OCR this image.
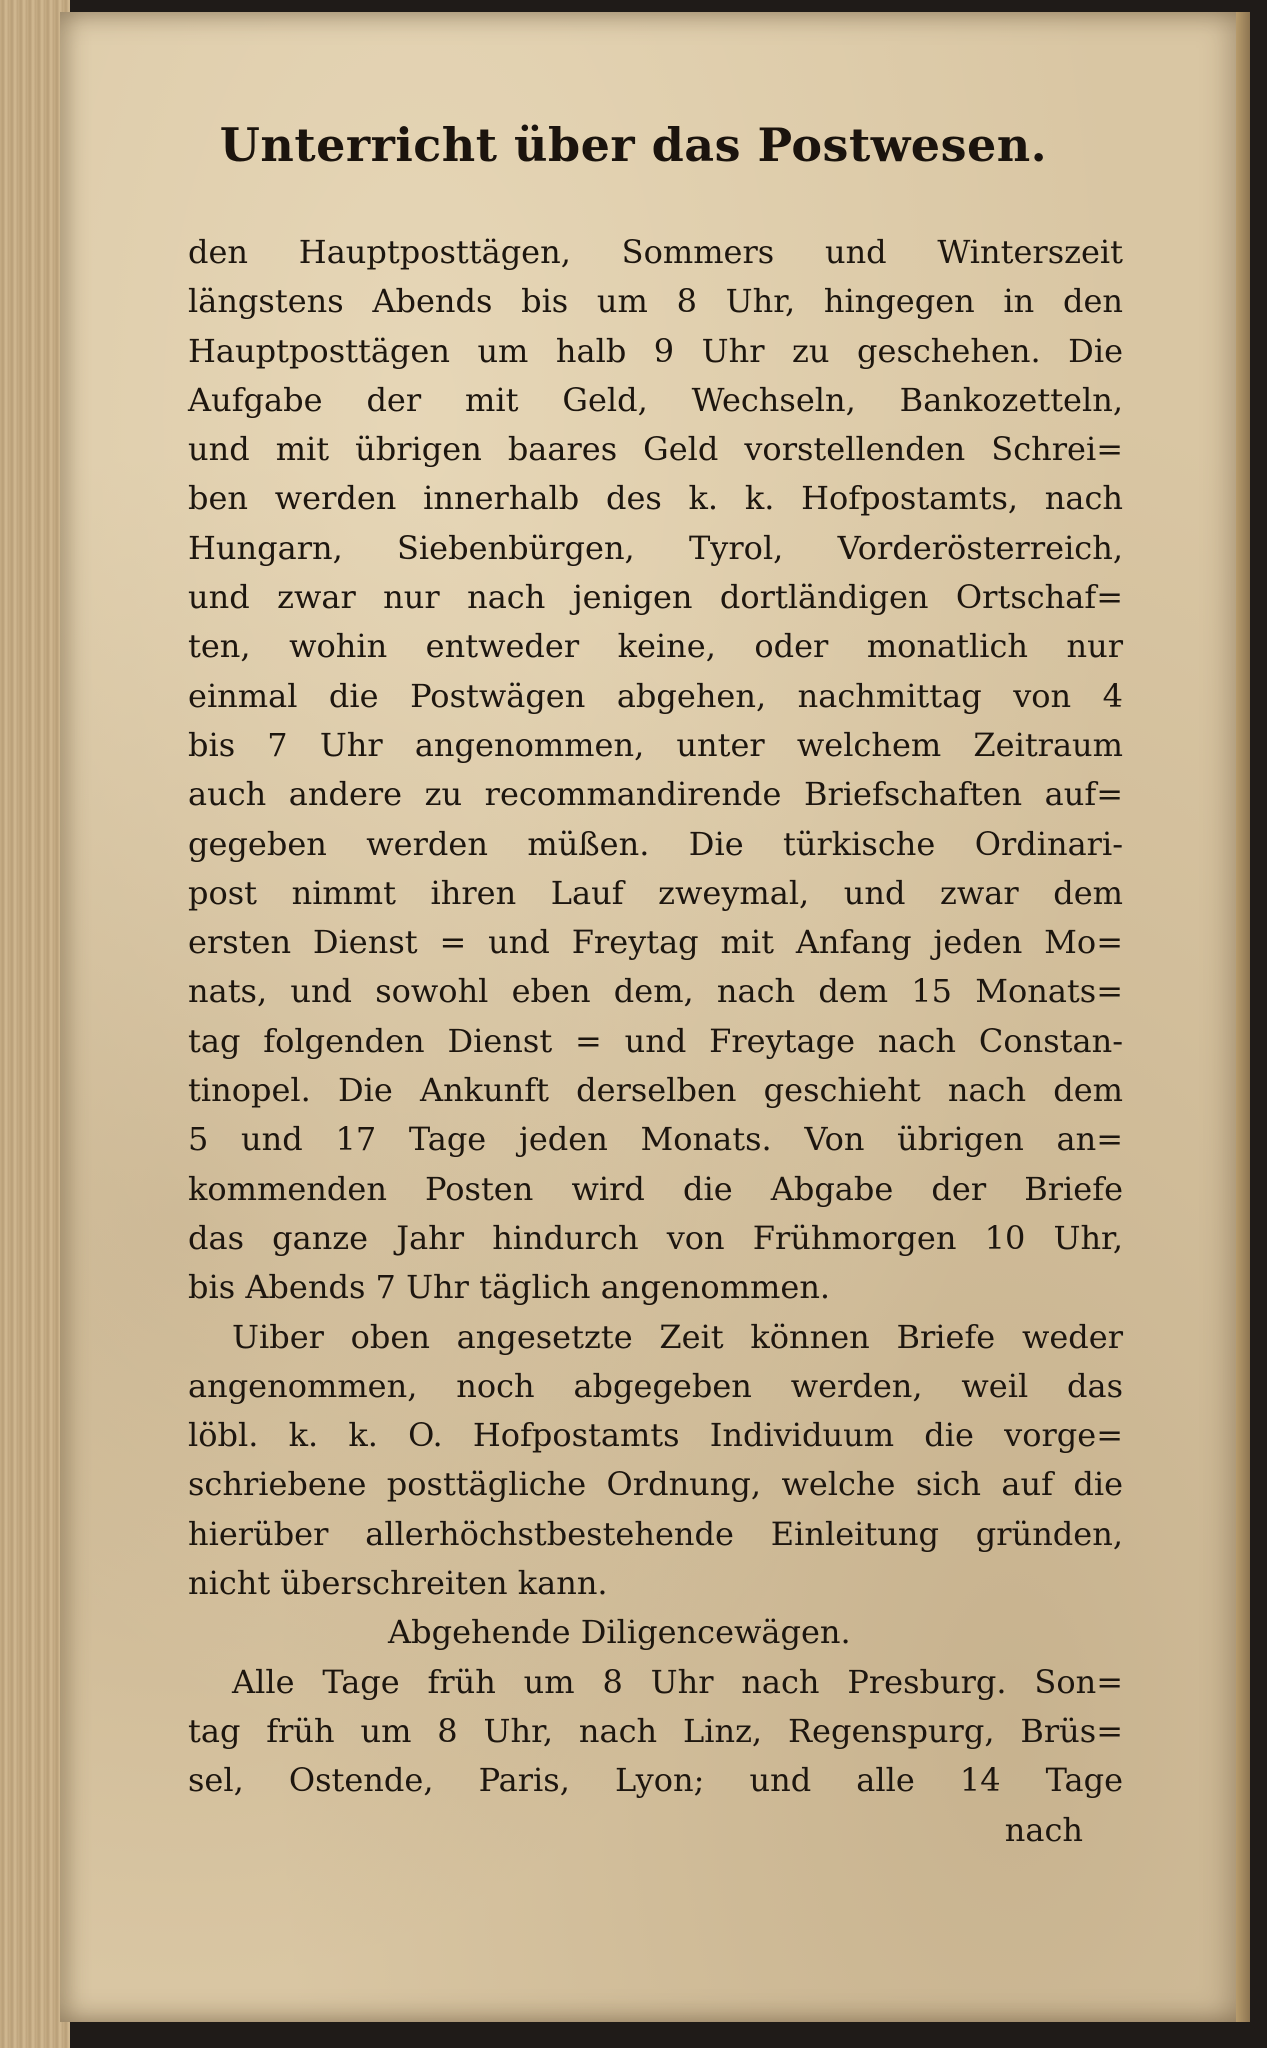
Unterricht über das Postwesen.
den Hauptposttägen, Sommers und Winterszeit
längstens Abends bis um 8 Uhr, hingegen in den
Hauptposttägen um halb 9 Uhr zu geschehen. Die
Aufgabe der mit Geld, Wechseln, Bankozetteln,
und mit übrigen baares Geld vorstellenden Schrei=
ben werden innerhalb des k. k. Hofpostamts, nach
Hungarn, Siebenbürgen, Tyrol, Vorderösterreich,
und zwar nur nach jenigen dortländigen Ortschaf=
ten, wohin entweder keine, oder monatlich nur
einmal die Postwägen abgehen, nachmittag von 4
bis 7 Uhr angenommen, unter welchem Zeitraum
auch andere zu recommandirende Briefschaften auf=
gegeben werden müßen. Die türkische Ordinari-
post nimmt ihren Lauf zweymal, und zwar dem
ersten Dienst = und Freytag mit Anfang jeden Mo=
nats, und sowohl eben dem, nach dem 15 Monats=
tag folgenden Dienst = und Freytage nach Constan-
tinopel. Die Ankunft derselben geschieht nach dem
5 und 17 Tage jeden Monats. Von übrigen an=
kommenden Posten wird die Abgabe der Briefe
das ganze Jahr hindurch von Frühmorgen 10 Uhr,
bis Abends 7 Uhr täglich angenommen.
Uiber oben angesetzte Zeit können Briefe weder
angenommen, noch abgegeben werden, weil das
löbl. k. k. O. Hofpostamts Individuum die vorge=
schriebene posttägliche Ordnung, welche sich auf die
hierüber allerhöchstbestehende Einleitung gründen,
nicht überschreiten kann.
Abgehende Diligencewägen.
Alle Tage früh um 8 Uhr nach Presburg. Son=
tag früh um 8 Uhr, nach Linz, Regenspurg, Brüs=
sel, Ostende, Paris, Lyon; und alle 14 Tage
nach
